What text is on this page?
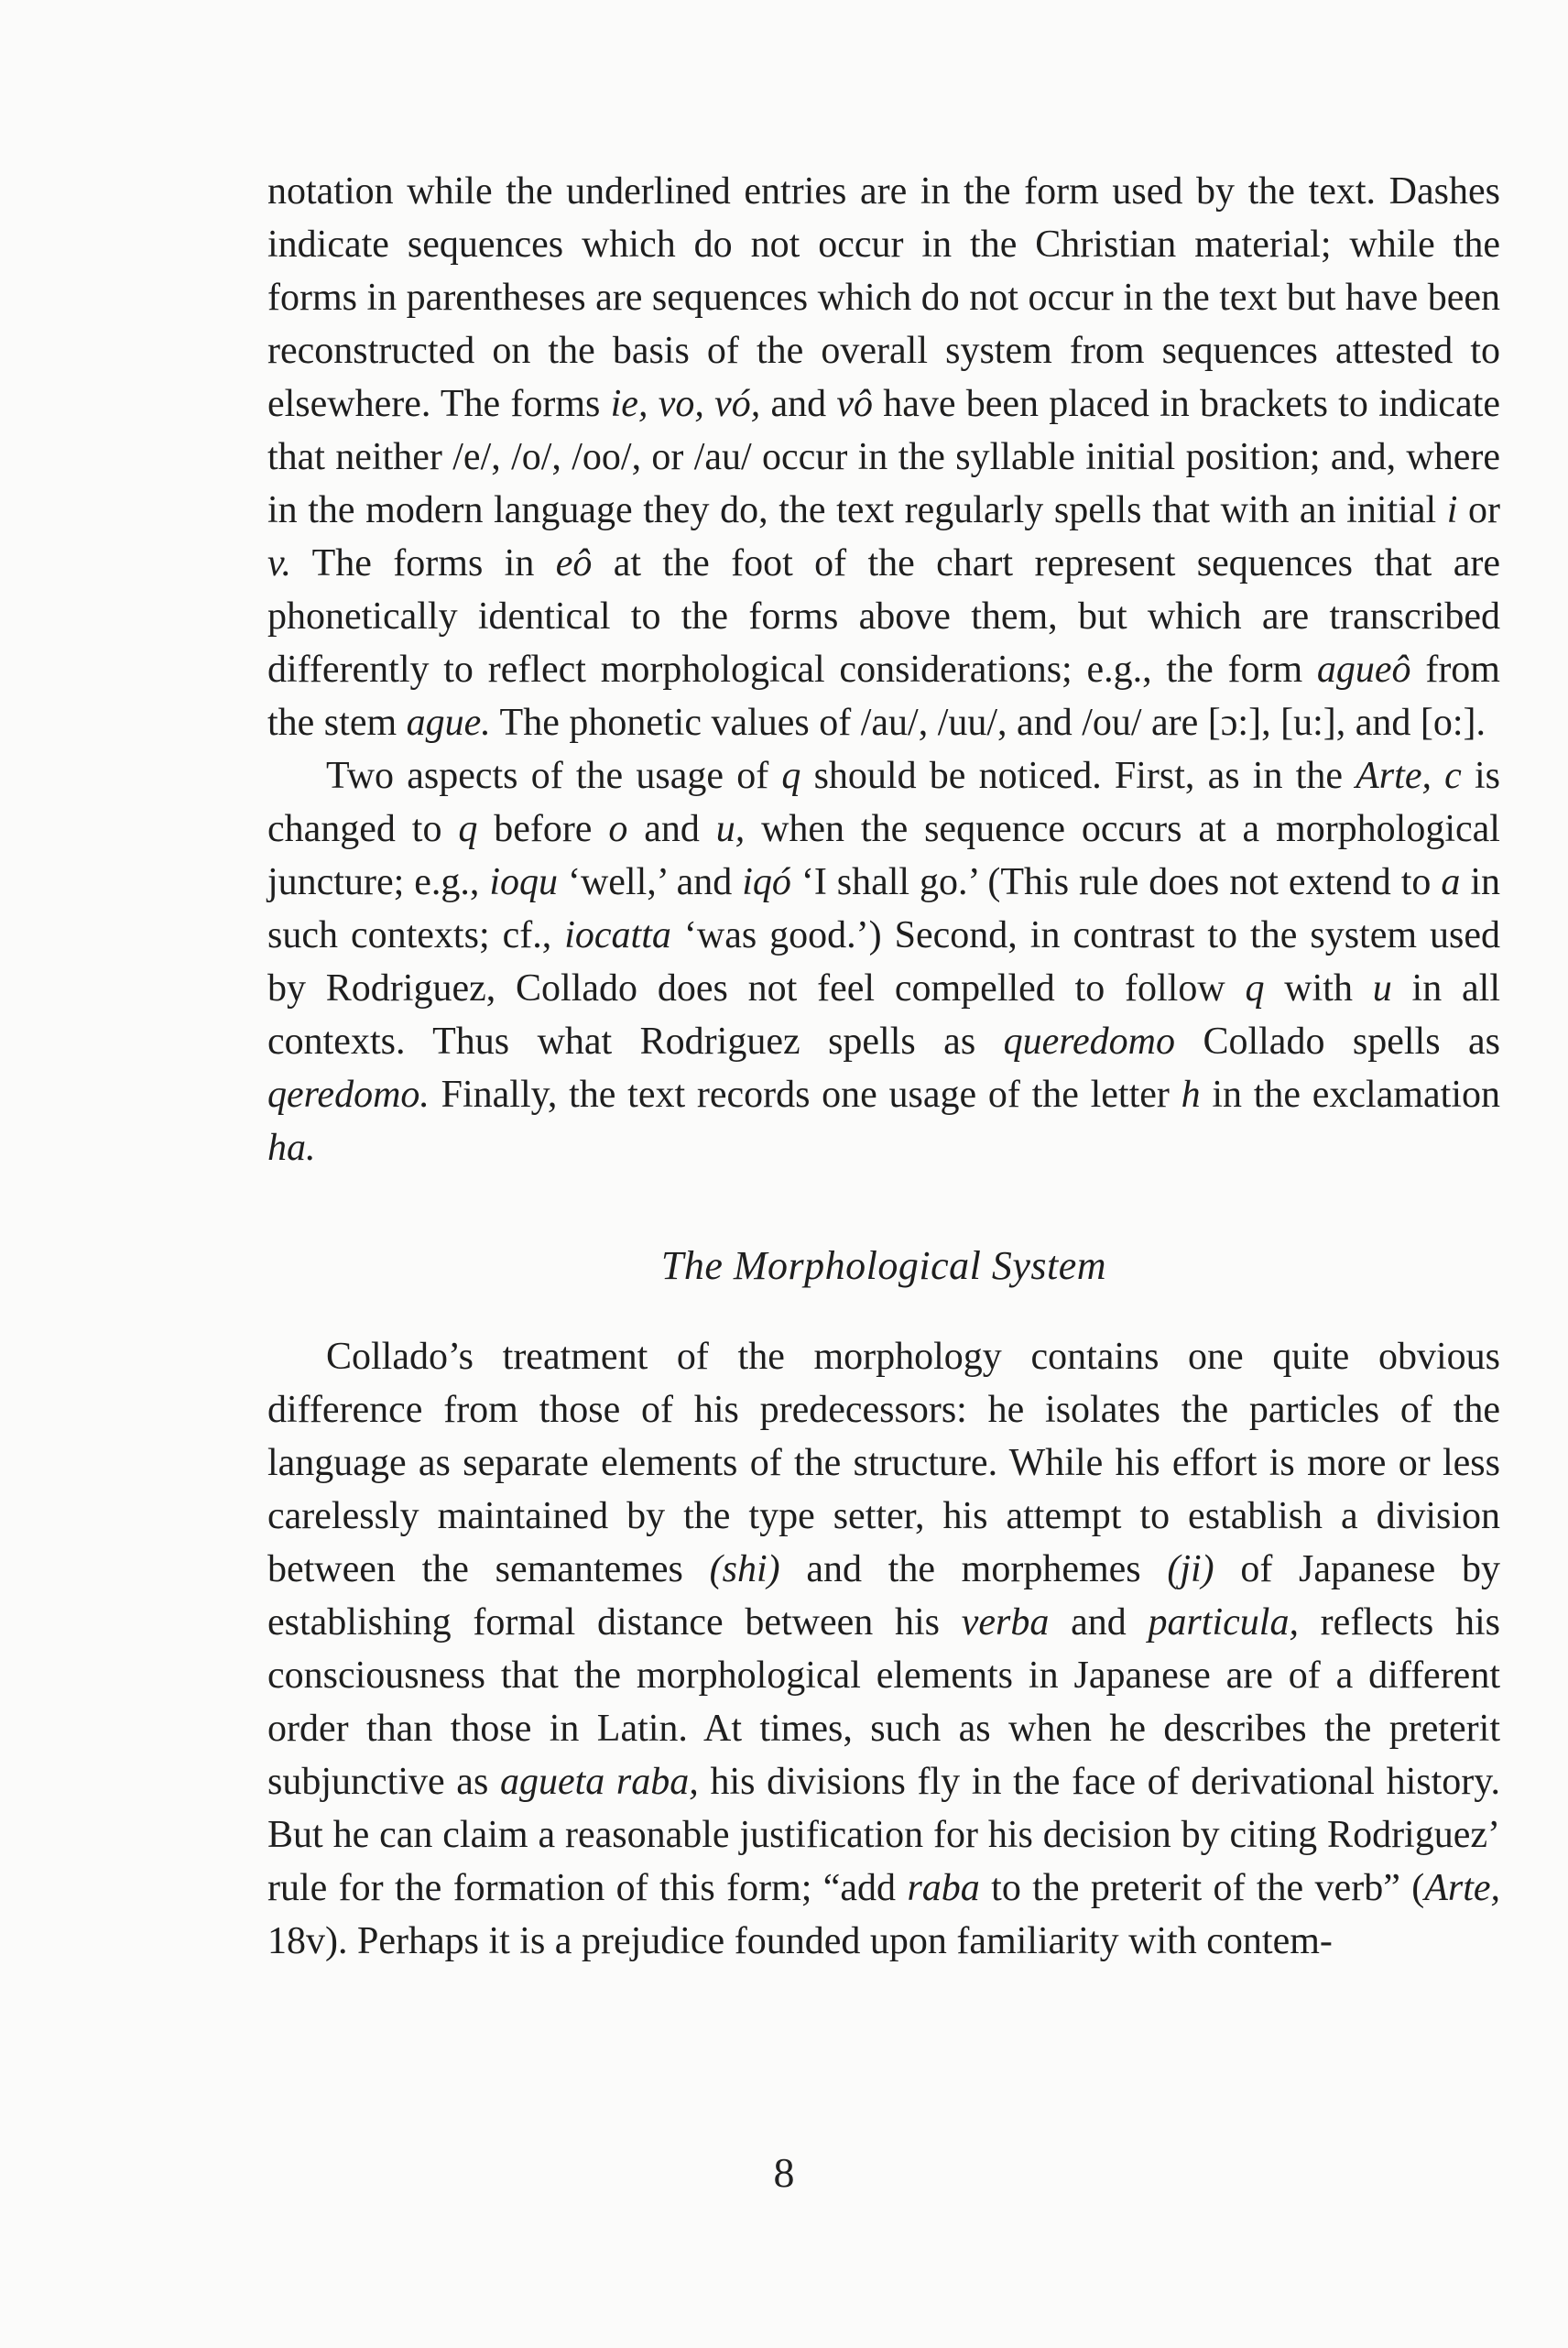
notation while the underlined entries are in the form used by the text. Dashes indicate sequences which do not occur in the Christian material; while the forms in parentheses are sequences which do not occur in the text but have been reconstructed on the basis of the overall system from sequences attested to elsewhere. The forms ie, vo, vó, and vô have been placed in brackets to indicate that neither /e/, /o/, /oo/, or /au/ occur in the syllable initial position; and, where in the modern language they do, the text regularly spells that with an initial i or v. The forms in eô at the foot of the chart represent sequences that are phonetically identical to the forms above them, but which are transcribed differently to reflect morphological considerations; e.g., the form agueô from the stem ague. The phonetic values of /au/, /uu/, and /ou/ are [ɔ:], [u:], and [o:].

Two aspects of the usage of q should be noticed. First, as in the Arte, c is changed to q before o and u, when the sequence occurs at a morphological juncture; e.g., ioqu ‘well,’ and iqó ‘I shall go.’ (This rule does not extend to a in such contexts; cf., iocatta ‘was good.’) Second, in contrast to the system used by Rodriguez, Collado does not feel compelled to follow q with u in all contexts. Thus what Rodriguez spells as queredomo Collado spells as qeredomo. Finally, the text records one usage of the letter h in the exclamation ha.

The Morphological System

Collado’s treatment of the morphology contains one quite obvious difference from those of his predecessors: he isolates the particles of the language as separate elements of the structure. While his effort is more or less carelessly maintained by the type setter, his attempt to establish a division between the semantemes (shi) and the morphemes (ji) of Japanese by establishing formal distance between his verba and particula, reflects his consciousness that the morphological elements in Japanese are of a different order than those in Latin. At times, such as when he describes the preterit subjunctive as agueta raba, his divisions fly in the face of derivational history. But he can claim a reasonable justification for his decision by citing Rodriguez’ rule for the formation of this form; “add raba to the preterit of the verb” (Arte, 18v). Perhaps it is a prejudice founded upon familiarity with contem-

8
